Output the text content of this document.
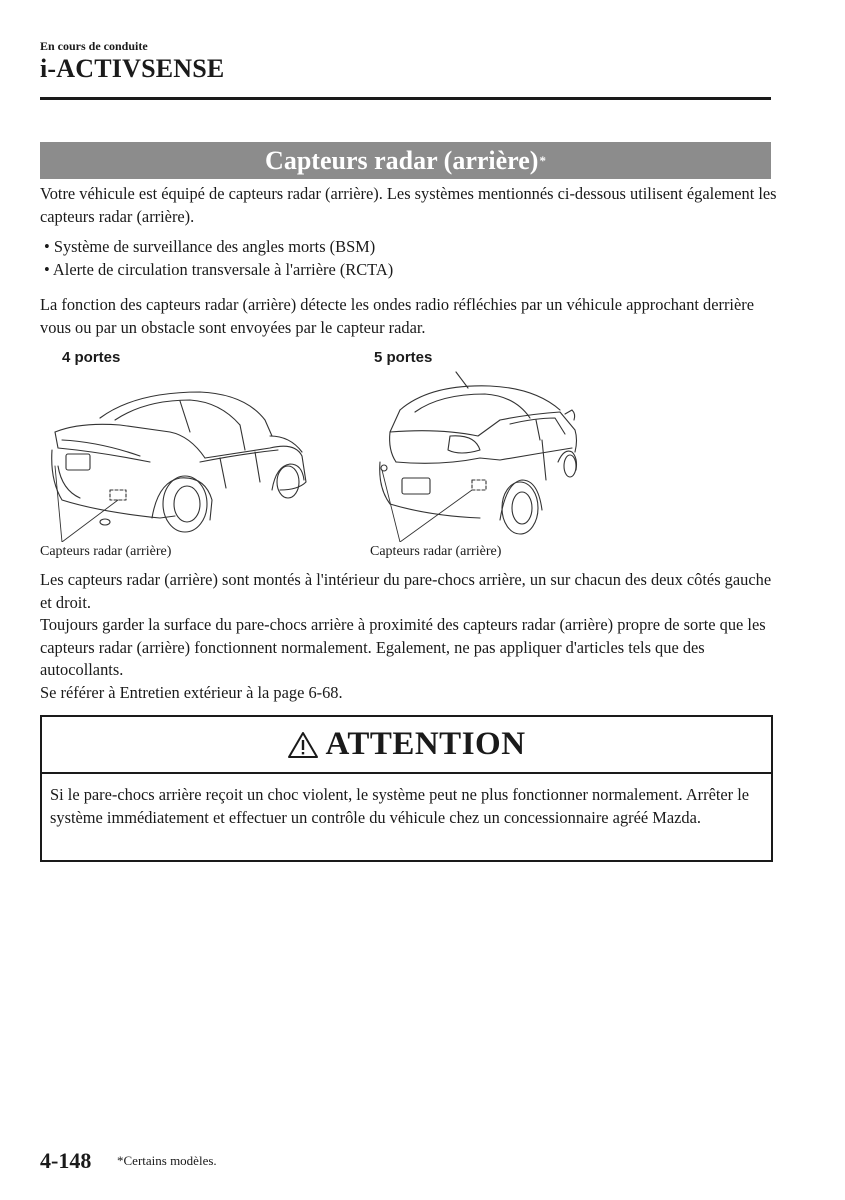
En cours de conduite
i-ACTIVSENSE
Capteurs radar (arrière) *
Votre véhicule est équipé de capteurs radar (arrière). Les systèmes mentionnés ci-dessous utilisent également les capteurs radar (arrière).
• Système de surveillance des angles morts (BSM)
• Alerte de circulation transversale à l'arrière (RCTA)
La fonction des capteurs radar (arrière) détecte les ondes radio réfléchies par un véhicule approchant derrière vous ou par un obstacle sont envoyées par le capteur radar.
4 portes	5 portes
Capteurs radar (arrière)	Capteurs radar (arrière)
Les capteurs radar (arrière) sont montés à l'intérieur du pare-chocs arrière, un sur chacun des deux côtés gauche et droit.
Toujours garder la surface du pare-chocs arrière à proximité des capteurs radar (arrière) propre de sorte que les capteurs radar (arrière) fonctionnent normalement. Egalement, ne pas appliquer d'articles tels que des autocollants.
Se référer à Entretien extérieur à la page 6-68.
ATTENTION
Si le pare-chocs arrière reçoit un choc violent, le système peut ne plus fonctionner normalement. Arrêter le système immédiatement et effectuer un contrôle du véhicule chez un concessionnaire agréé Mazda.
4-148 *Certains modèles.
